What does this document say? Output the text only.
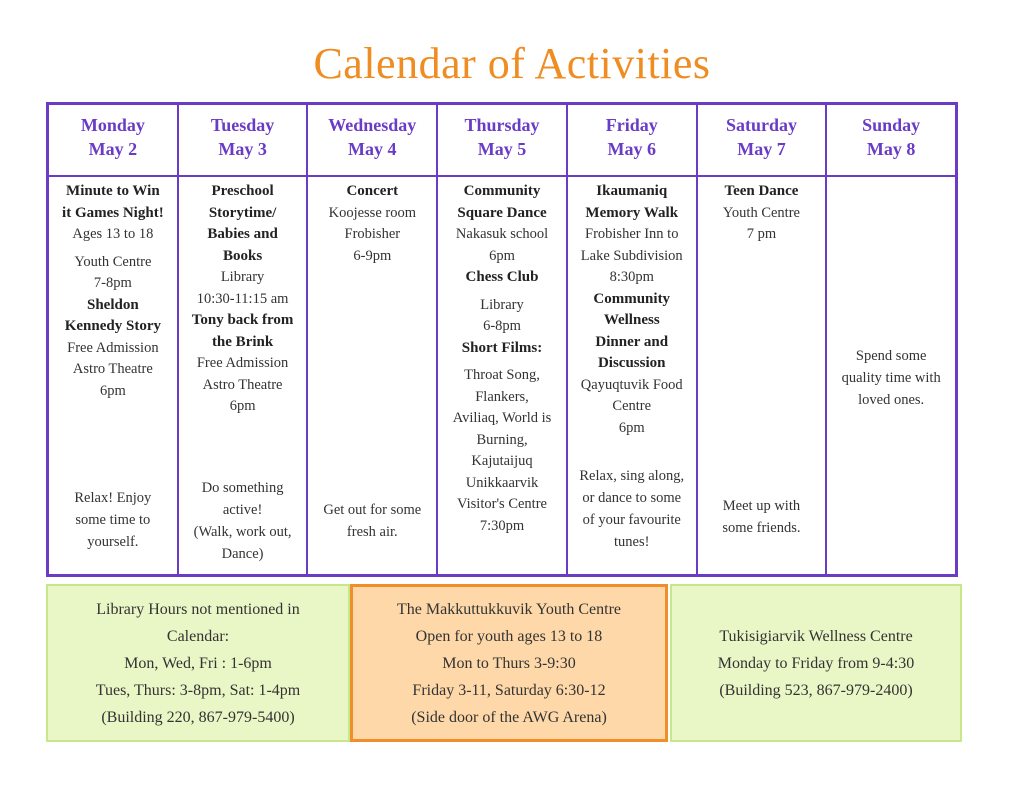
Calendar of Activities
Monday
May 2
Minute to Win
it Games Night!
Ages 13 to 18
Youth Centre
7-8pm
Sheldon
Kennedy Story
Free Admission
Astro Theatre
6pm
Relax! Enjoy
some time to
yourself.
Tuesday
May 3
Preschool
Storytime/
Babies and
Books
Library
10:30-11:15 am
Tony back from
the Brink
Free Admission
Astro Theatre
6pm
Do something
active!
(Walk, work out,
Dance)
Wednesday
May 4
Concert
Koojesse room
Frobisher
6-9pm
Get out for some
fresh air.
Thursday
May 5
Community
Square Dance
Nakasuk school
6pm
Chess Club
Library
6-8pm
Short Films:
Throat Song,
Flankers,
Aviliaq, World is
Burning,
Kajutaijuq
Unikkaarvik
Visitor's Centre
7:30pm
Friday
May 6
Ikaumaniq
Memory Walk
Frobisher Inn to
Lake Subdivision
8:30pm
Community
Wellness
Dinner and
Discussion
Qayuqtuvik Food
Centre
6pm
Relax, sing along,
or dance to some
of your favourite
tunes!
Saturday
May 7
Teen Dance
Youth Centre
7 pm
Meet up with
some friends.
Sunday
May 8
Spend some
quality time with
loved ones.
Library Hours not mentioned in
Calendar:
Mon, Wed, Fri : 1-6pm
Tues, Thurs: 3-8pm, Sat: 1-4pm
(Building 220, 867-979-5400)
The Makkuttukkuvik Youth Centre
Open for youth ages 13 to 18
Mon to Thurs 3-9:30
Friday 3-11, Saturday 6:30-12
(Side door of the AWG Arena)
Tukisigiarvik Wellness Centre
Monday to Friday from 9-4:30
(Building 523, 867-979-2400)
